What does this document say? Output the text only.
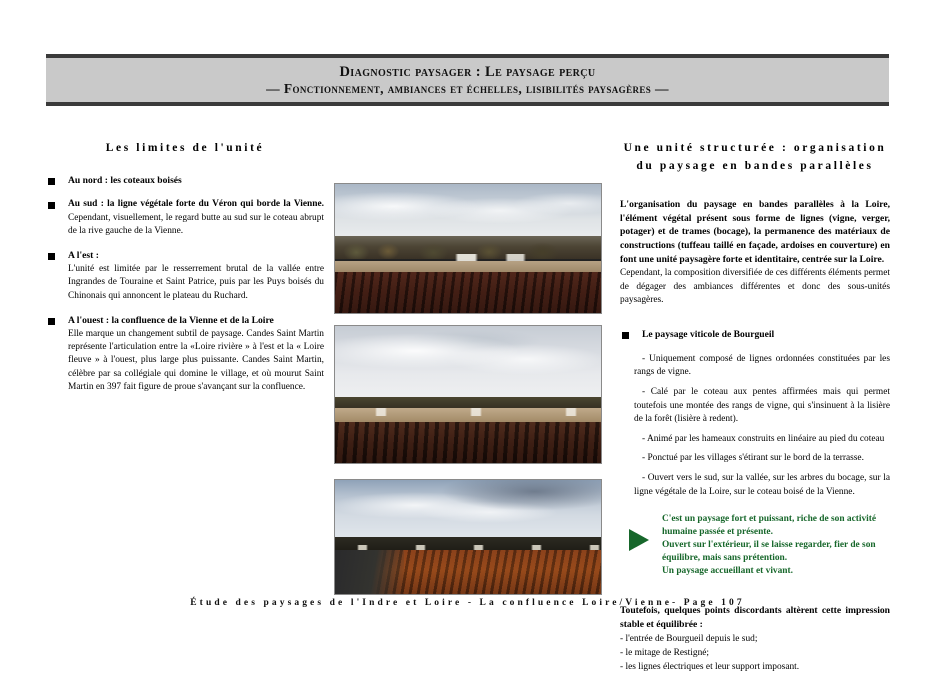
Diagnostic paysager : Le paysage perçu
— Fonctionnement, ambiances et échelles, lisibilités paysagères —
Les limites de l'unité

Au nord : les coteaux boisés

Au sud : la ligne végétale forte du Véron qui borde la Vienne. Cependant, visuellement, le regard butte au sud sur le coteau abrupt de la rive gauche de la Vienne.

A l'est :

L'unité est limitée par le resserrement brutal de la vallée entre Ingrandes de Touraine et Saint Patrice, puis par les Puys boisés du Chinonais qui annoncent le plateau du Ruchard.

A l'ouest : la confluence de la Vienne et de la Loire

Elle marque un changement subtil de paysage. Candes Saint Martin représente l'articulation entre la «Loire rivière » à l'est et la « Loire fleuve » à l'ouest, plus large plus puissante. Candes Saint Martin, célèbre par sa collégiale qui domine le village, et où mourut Saint Martin en 397 fait figure de proue s'avançant sur la confluence.

Une unité structurée : organisation
du paysage en bandes parallèles

L'organisation du paysage en bandes parallèles à la Loire, l'élément végétal présent sous forme de lignes (vigne, verger, potager) et de trames (bocage), la permanence des matériaux de constructions (tuffeau taillé en façade, ardoises en couverture) en font une unité paysagère forte et identitaire, centrée sur la Loire.

Cependant, la composition diversifiée de ces différents éléments permet de dégager des ambiances différentes et donc des sous-unités paysagères.

Le paysage viticole de Bourgueil

- Uniquement composé de lignes ordonnées constituées par les rangs de vigne.

- Calé par le coteau aux pentes affirmées mais qui permet toutefois une montée des rangs de vigne, qui s'insinuent à la lisière de la forêt (lisière à redent).

- Animé par les hameaux construits en linéaire au pied du coteau

- Ponctué par les villages s'étirant sur le bord de la terrasse.

- Ouvert vers le sud, sur la vallée, sur les arbres du bocage, sur la ligne végétale de la Loire, sur le coteau boisé de la Vienne.

C'est un paysage fort et puissant, riche de son activité

humaine passée et présente.

Ouvert sur l'extérieur, il se laisse regarder, fier de son

équilibre, mais sans prétention.

Un paysage accueillant et vivant.

Toutefois, quelques points discordants altèrent cette impression stable et équilibrée :

- l'entrée de Bourgueil depuis le sud;

- le mitage de Restigné;

- les lignes électriques et leur support imposant.

Étude des paysages de l'Indre et Loire - La confluence Loire/Vienne- Page 107
